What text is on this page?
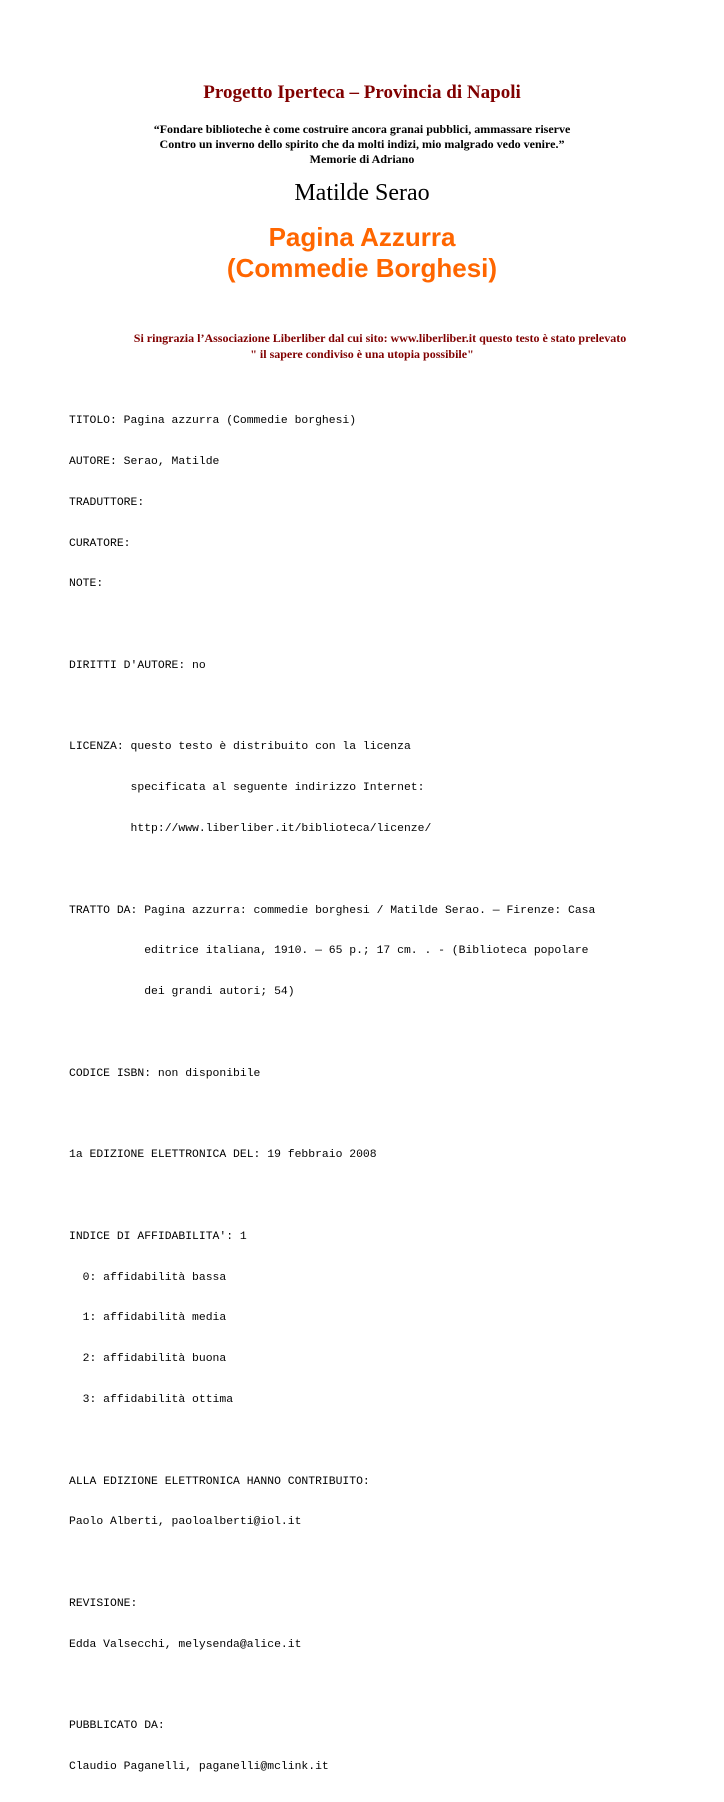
Progetto Iperteca – Provincia di Napoli
“Fondare biblioteche è come costruire ancora granai pubblici, ammassare riserve
Contro un inverno dello spirito che da molti indizi, mio malgrado vedo venire.”
Memorie di Adriano
Matilde Serao
Pagina Azzurra
(Commedie Borghesi)
Si ringrazia l’Associazione Liberliber dal cui sito: www.liberliber.it questo testo è stato prelevato
" il sapere condiviso è una utopia possibile"

TITOLO: Pagina azzurra (Commedie borghesi)

AUTORE: Serao, Matilde

TRADUTTORE:

CURATORE:

NOTE:

DIRITTI D'AUTORE: no

LICENZA: questo testo è distribuito con la licenza

specificata al seguente indirizzo Internet:

http://www.liberliber.it/biblioteca/licenze/

TRATTO DA: Pagina azzurra: commedie borghesi / Matilde Serao. — Firenze: Casa

editrice italiana, 1910. — 65 p.; 17 cm. . - (Biblioteca popolare

dei grandi autori; 54)

CODICE ISBN: non disponibile

1a EDIZIONE ELETTRONICA DEL: 19 febbraio 2008

INDICE DI AFFIDABILITA': 1

0: affidabilità bassa

1: affidabilità media

2: affidabilità buona

3: affidabilità ottima

ALLA EDIZIONE ELETTRONICA HANNO CONTRIBUITO:

Paolo Alberti, paoloalberti@iol.it

REVISIONE:

Edda Valsecchi, melysenda@alice.it

PUBBLICATO DA:

Claudio Paganelli, paganelli@mclink.it
